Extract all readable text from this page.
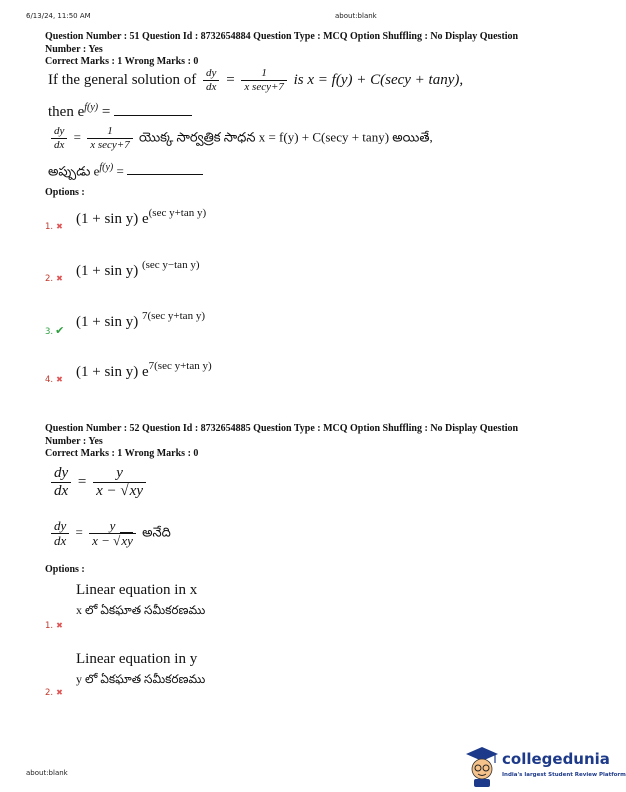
6/13/24, 11:50 AM	about:blank
Question Number : 51 Question Id : 8732654884 Question Type : MCQ Option Shuffling : No Display Question
Number : Yes
Correct Marks : 1 Wrong Marks : 0
If the general solution of $\frac{dy}{dx} = \frac{1}{\text{x secy+7}}$ is x = f(y) + C(secy + tany),
then $e^{f(y)}$ =
$\frac{dy}{dx} = \frac{1}{\text{x secy+7}}$ యొక్క సార్వత్రిక సాధన x = f(y) + C(secy + tany) అయితే,
అప్పుడు $e^{f(y)}$ =
Options :
1. ✖ (1 + sin y) $e^{(sec y+tan y)}$
2. ✖ (1 + sin y) $^{(sec y-tan y)}$
3. ✔
(1 + sin y) $^{7(sec y+tan y)}$
4. ✖ (1 + sin y) $e^{7(sec y+tan y)}$
Question Number : 52 Question Id : 8732654885 Question Type : MCQ Option Shuffling : No Display Question
Number : Yes
Correct Marks : 1 Wrong Marks : 0
$\frac{dy}{dx} = \frac{y}{x - √xy}$
$\frac{dy}{dx} = \frac{y}{x - √xy}$ అనేది
Options :
1. ✖
Linear equation in x
x లో ఏకఘాత సమీకరణము
2. ✖
Linear equation in y
y లో ఏకఘాత సమీకరణము
about:blank
collegedunia
India's largest Student Review Platform
